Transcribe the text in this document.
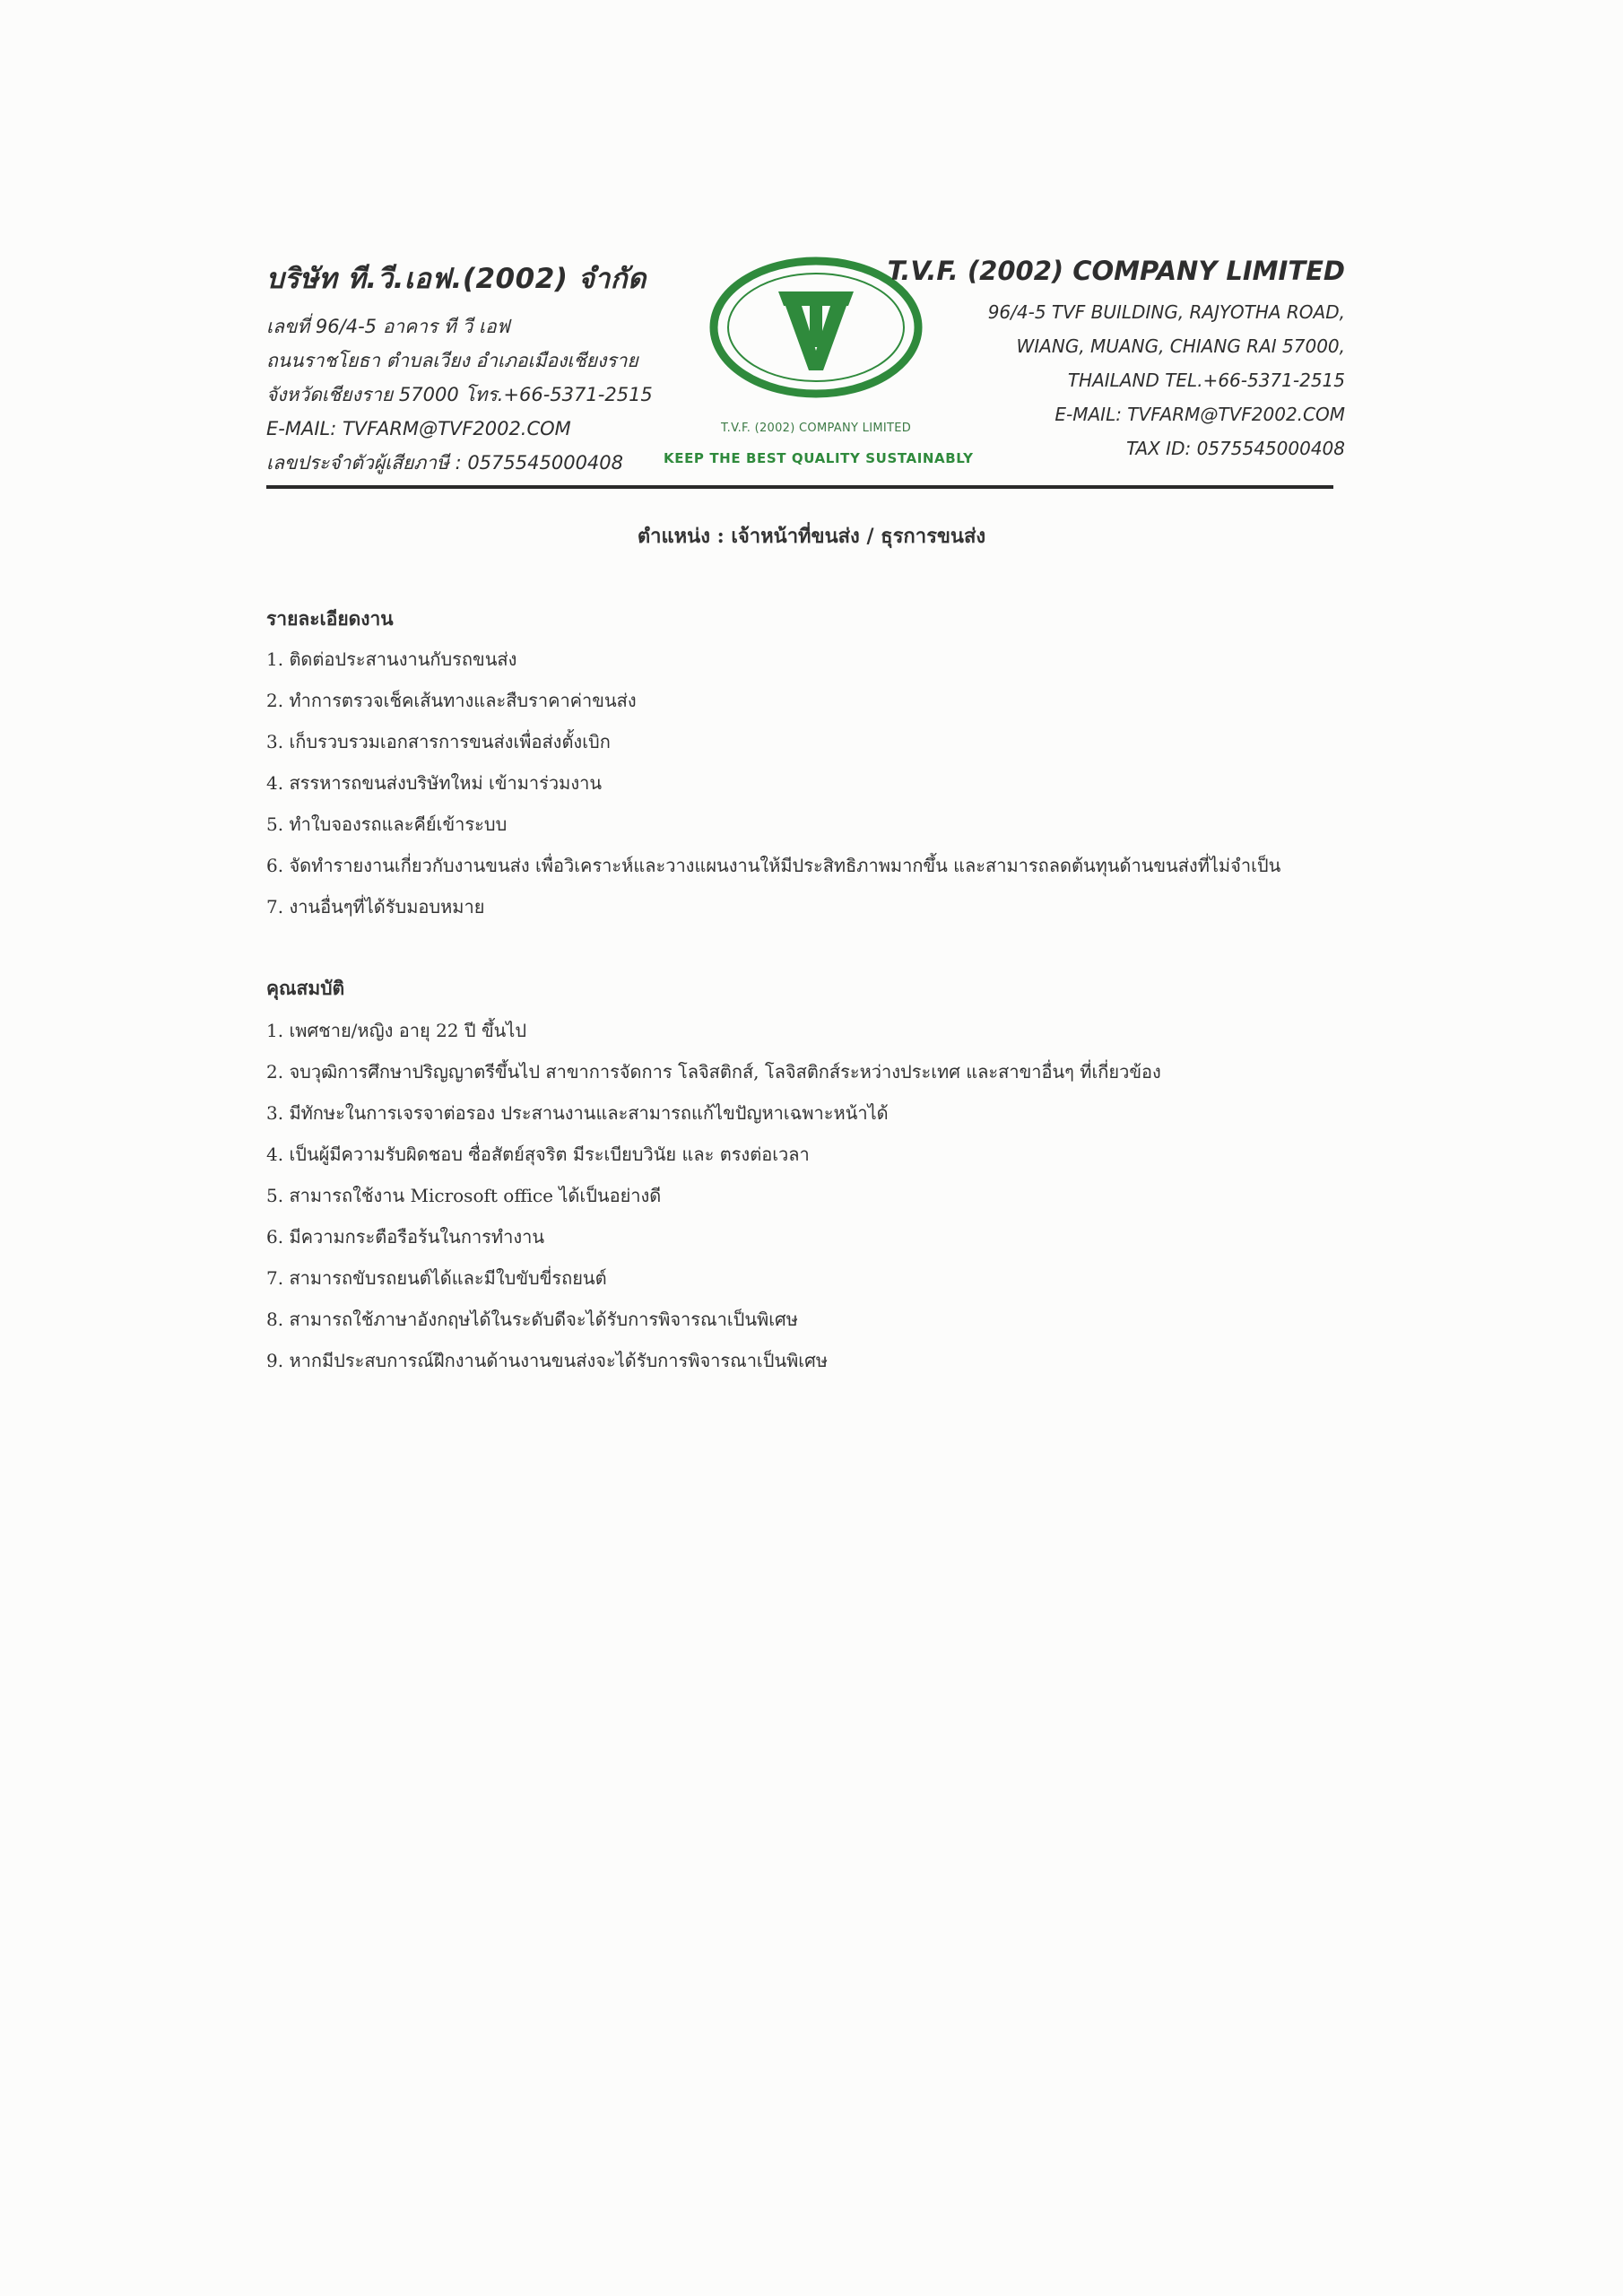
บริษัท ที.วี.เอฟ.(2002) จำกัด
เลขที่ 96/4-5 อาคาร ที วี เอฟ
ถนนราชโยธา ตำบลเวียง อำเภอเมืองเชียงราย
จังหวัดเชียงราย 57000 โทร.+66-5371-2515
E-MAIL: TVFARM@TVF2002.COM
เลขประจำตัวผู้เสียภาษี : 0575545000408
T.V.F. (2002) COMPANY LIMITED
KEEP THE BEST QUALITY SUSTAINABLY
T.V.F. (2002) COMPANY LIMITED
96/4-5 TVF BUILDING, RAJYOTHA ROAD,
WIANG, MUANG, CHIANG RAI 57000,
THAILAND TEL.+66-5371-2515
E-MAIL: TVFARM@TVF2002.COM
TAX ID: 0575545000408
ตำแหน่ง : เจ้าหน้าที่ขนส่ง / ธุรการขนส่ง
รายละเอียดงาน
1. ติดต่อประสานงานกับรถขนส่ง
2. ทำการตรวจเช็คเส้นทางและสืบราคาค่าขนส่ง
3. เก็บรวบรวมเอกสารการขนส่งเพื่อส่งตั้งเบิก
4. สรรหารถขนส่งบริษัทใหม่ เข้ามาร่วมงาน
5. ทำใบจองรถและคีย์เข้าระบบ
6. จัดทำรายงานเกี่ยวกับงานขนส่ง เพื่อวิเคราะห์และวางแผนงานให้มีประสิทธิภาพมากขึ้น และสามารถลดต้นทุนด้านขนส่งที่ไม่จำเป็น
7. งานอื่นๆที่ได้รับมอบหมาย
คุณสมบัติ
1. เพศชาย/หญิง อายุ 22 ปี ขึ้นไป
2. จบวุฒิการศึกษาปริญญาตรีขึ้นไป สาขาการจัดการ โลจิสติกส์, โลจิสติกส์ระหว่างประเทศ และสาขาอื่นๆ ที่เกี่ยวข้อง
3. มีทักษะในการเจรจาต่อรอง ประสานงานและสามารถแก้ไขปัญหาเฉพาะหน้าได้
4. เป็นผู้มีความรับผิดชอบ ซื่อสัตย์สุจริต มีระเบียบวินัย และ ตรงต่อเวลา
5. สามารถใช้งาน Microsoft office ได้เป็นอย่างดี
6. มีความกระตือรือร้นในการทำงาน
7. สามารถขับรถยนต์ได้และมีใบขับขี่รถยนต์
8. สามารถใช้ภาษาอังกฤษได้ในระดับดีจะได้รับการพิจารณาเป็นพิเศษ
9. หากมีประสบการณ์ฝึกงานด้านงานขนส่งจะได้รับการพิจารณาเป็นพิเศษ
